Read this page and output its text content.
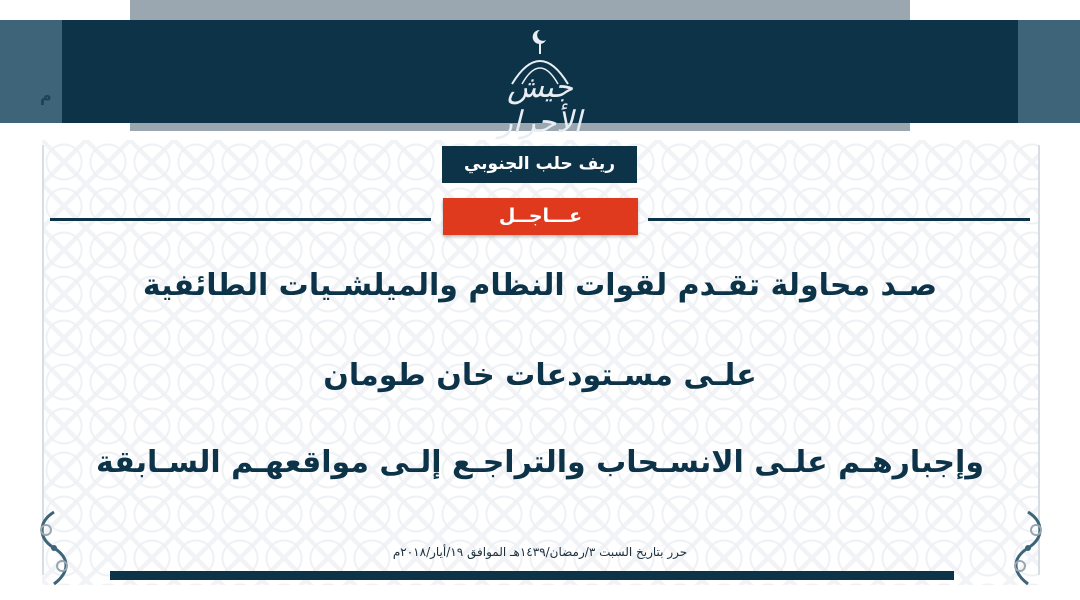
م	جيش الأحرار
ريف حلب الجنوبي
عـــاجــل
صـد محاولة تقـدم لقوات النظام والميلشـيات الطائفية
علـى مسـتودعات خان طومان
وإجبارهـم علـى الانسـحاب والتراجـع إلـى مواقعهـم السـابقة
حرر بتاريخ السبت ٣/رمضان/١٤٣٩هـ الموافق ١٩/أيار/٢٠١٨م
